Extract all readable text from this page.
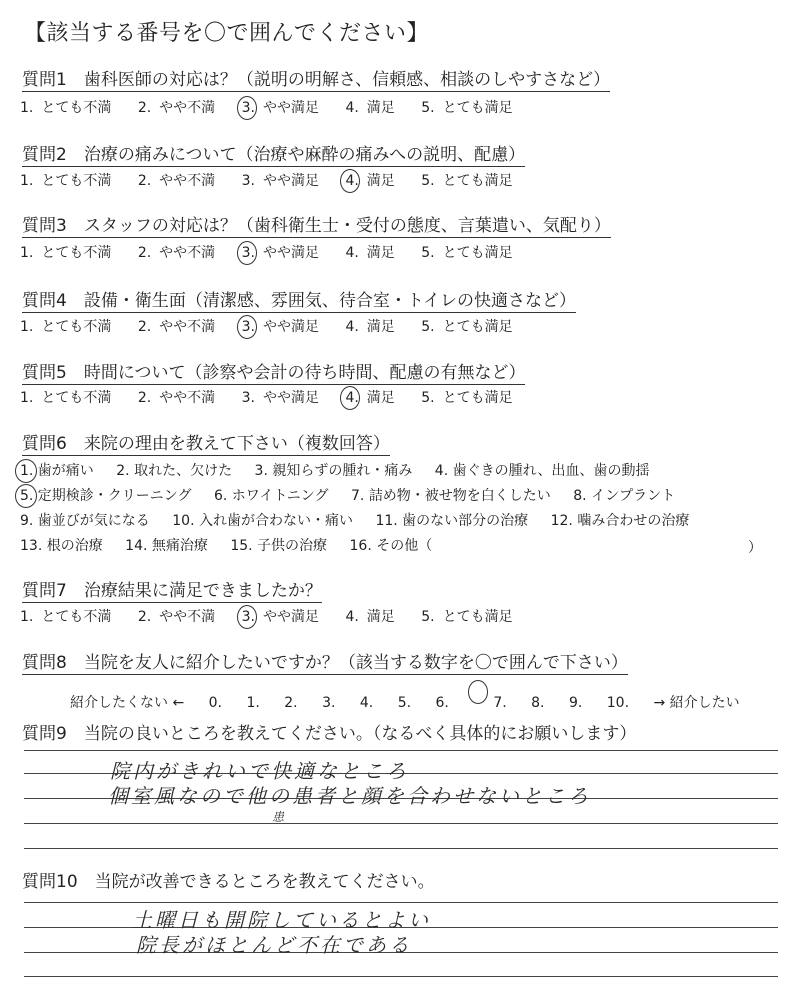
【該当する番号を〇で囲んでください】
質問1　歯科医師の対応は？（説明の明解さ、信頼感、相談のしやすさなど）
1. とても不満 2. やや不満 3. やや満足 4. 満足 5. とても満足
質問2　治療の痛みについて（治療や麻酔の痛みへの説明、配慮）
1. とても不満 2. やや不満 3. やや満足 4. 満足 5. とても満足
質問3　スタッフの対応は？（歯科衛生士・受付の態度、言葉遣い、気配り）
1. とても不満 2. やや不満 3. やや満足 4. 満足 5. とても満足
質問4　設備・衛生面（清潔感、雰囲気、待合室・トイレの快適さなど）
1. とても不満 2. やや不満 3. やや満足 4. 満足 5. とても満足
質問5　時間について（診察や会計の待ち時間、配慮の有無など）
1. とても不満 2. やや不満 3. やや満足 4. 満足 5. とても満足
質問6　来院の理由を教えて下さい（複数回答）
1. 歯が痛い 2. 取れた、欠けた 3. 親知らずの腫れ・痛み 4. 歯ぐきの腫れ、出血、歯の動揺
5. 定期検診・クリーニング 6. ホワイトニング 7. 詰め物・被せ物を白くしたい 8. インプラント
9. 歯並びが気になる 10. 入れ歯が合わない・痛い 11. 歯のない部分の治療 12. 噛み合わせの治療
13. 根の治療 14. 無痛治療 15. 子供の治療 16. その他（	）
質問7　治療結果に満足できましたか？
1. とても不満 2. やや不満 3. やや満足 4. 満足 5. とても満足
質問8　当院を友人に紹介したいですか？（該当する数字を〇で囲んで下さい）
紹介したくない ← 0. 1. 2. 3. 4. 5. 6.	7. 8. 9. 10. → 紹介したい
質問9　当院の良いところを教えてください。（なるべく具体的にお願いします）
院内がきれいで快適なところ
個室風なので他の患者と顔を合わせないところ
患
質問10　当院が改善できるところを教えてください。
土曜日も開院しているとよい
院長がほとんど不在である
